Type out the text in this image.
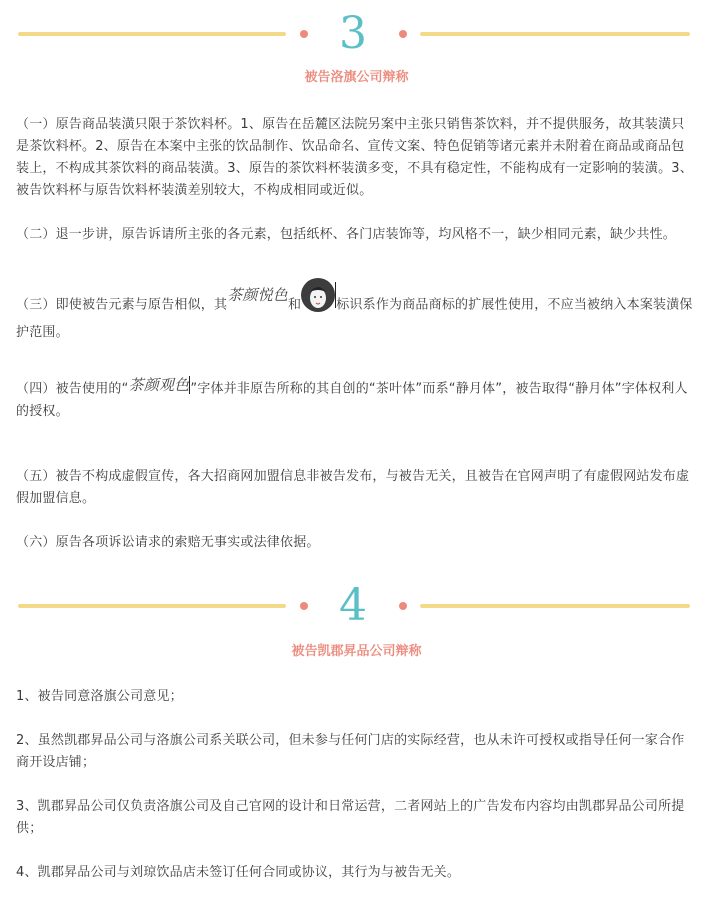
3
被告洛旗公司辩称

（一）原告商品装潢只限于茶饮料杯。1、原告在岳麓区法院另案中主张只销售茶饮料，并不提供服务，故其装潢只是茶饮料杯。2、原告在本案中主张的饮品制作、饮品命名、宣传文案、特色促销等诸元素并未附着在商品或商品包装上，不构成其茶饮料的商品装潢。3、原告的茶饮料杯装潢多变，不具有稳定性，不能构成有一定影响的装潢。3、被告饮料杯与原告饮料杯装潢差别较大，不构成相同或近似。

（二）退一步讲，原告诉请所主张的各元素，包括纸杯、各门店装饰等，均风格不一，缺少相同元素，缺少共性。

（三）即使被告元素与原告相似，其茶颜悦色和	标识系作为商品商标的扩展性使用，不应当被纳入本案装潢保护范围。

（四）被告使用的“茶颜观色”字体并非原告所称的其自创的“茶叶体”而系“静月体”，被告取得“静月体”字体权利人的授权。

（五）被告不构成虚假宣传，各大招商网加盟信息非被告发布，与被告无关，且被告在官网声明了有虚假网站发布虚假加盟信息。

（六）原告各项诉讼请求的索赔无事实或法律依据。

4
被告凯郡昇品公司辩称

1、被告同意洛旗公司意见；

2、虽然凯郡昇品公司与洛旗公司系关联公司，但未参与任何门店的实际经营，也从未许可授权或指导任何一家合作商开设店铺；

3、凯郡昇品公司仅负责洛旗公司及自己官网的设计和日常运营，二者网站上的广告发布内容均由凯郡昇品公司所提供；

4、凯郡昇品公司与刘琼饮品店未签订任何合同或协议，其行为与被告无关。
